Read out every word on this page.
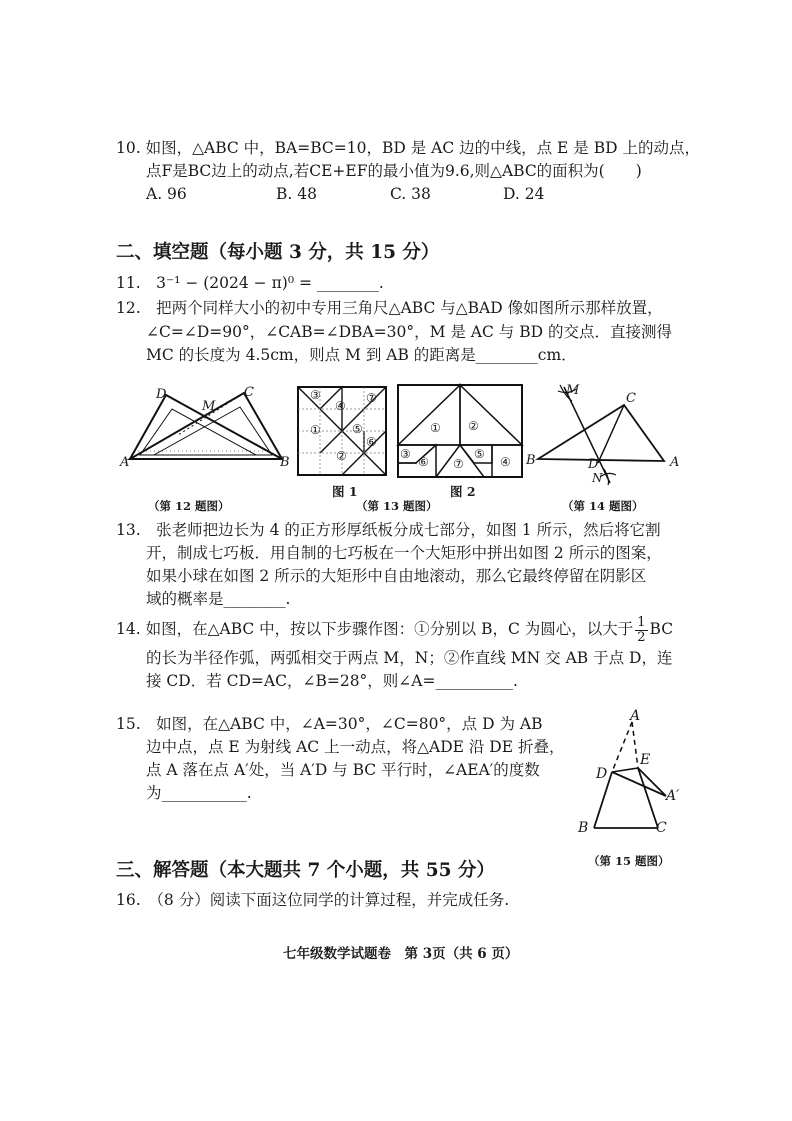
10. 如图，△ABC 中，BA=BC=10，BD 是 AC 边的中线，点 E 是 BD 上的动点，
点F是BC边上的动点,若CE+EF的最小值为9.6,则△ABC的面积为(　　)
A. 96	B. 48	C. 38	D. 24
二、填空题（每小题 3 分，共 15 分）
11.　3⁻¹ − (2024 − π)⁰ = ________.
12.　把两个同样大小的初中专用三角尺△ABC 与△BAD 像如图所示那样放置，
∠C=∠D=90°，∠CAB=∠DBA=30°，M 是 AC 与 BD 的交点．直接测得
MC 的长度为 4.5cm，则点 M 到 AB 的距离是________cm．
A	B
C
D
M
（第 12 题图）
③
④
⑦
①	⑤
⑥
②
图 1
① ②
③
⑥ ⑦
⑤
④
图 2
（第 13 题图）
M
C
B	D
N
A
（第 14 题图）
13.　张老师把边长为 4 的正方形厚纸板分成七部分，如图 1 所示，然后将它割
开，制成七巧板．用自制的七巧板在一个大矩形中拼出如图 2 所示的图案，
如果小球在如图 2 所示的大矩形中自由地滚动，那么它最终停留在阴影区
域的概率是________.
14. 如图，在△ABC 中，按以下步骤作图：①分别以 B，C 为圆心，以大于 $\frac{1}{2}$ BC
的长为半径作弧，两弧相交于两点 M，N；②作直线 MN 交 AB 于点 D，连
接 CD．若 CD=AC，∠B=28°，则∠A=__________.
15.　如图，在△ABC 中，∠A=30°，∠C=80°，点 D 为 AB
边中点，点 E 为射线 AC 上一动点，将△ADE 沿 DE 折叠，
点 A 落在点 A′处，当 A′D 与 BC 平行时，∠AEA′的度数
为___________.
A
D
E
A′
B	C
（第 15 题图）
三、解答题（本大题共 7 个小题，共 55 分）
16.　（8 分）阅读下面这位同学的计算过程，并完成任务.
七年级数学试题卷　第 3页（共 6 页）
